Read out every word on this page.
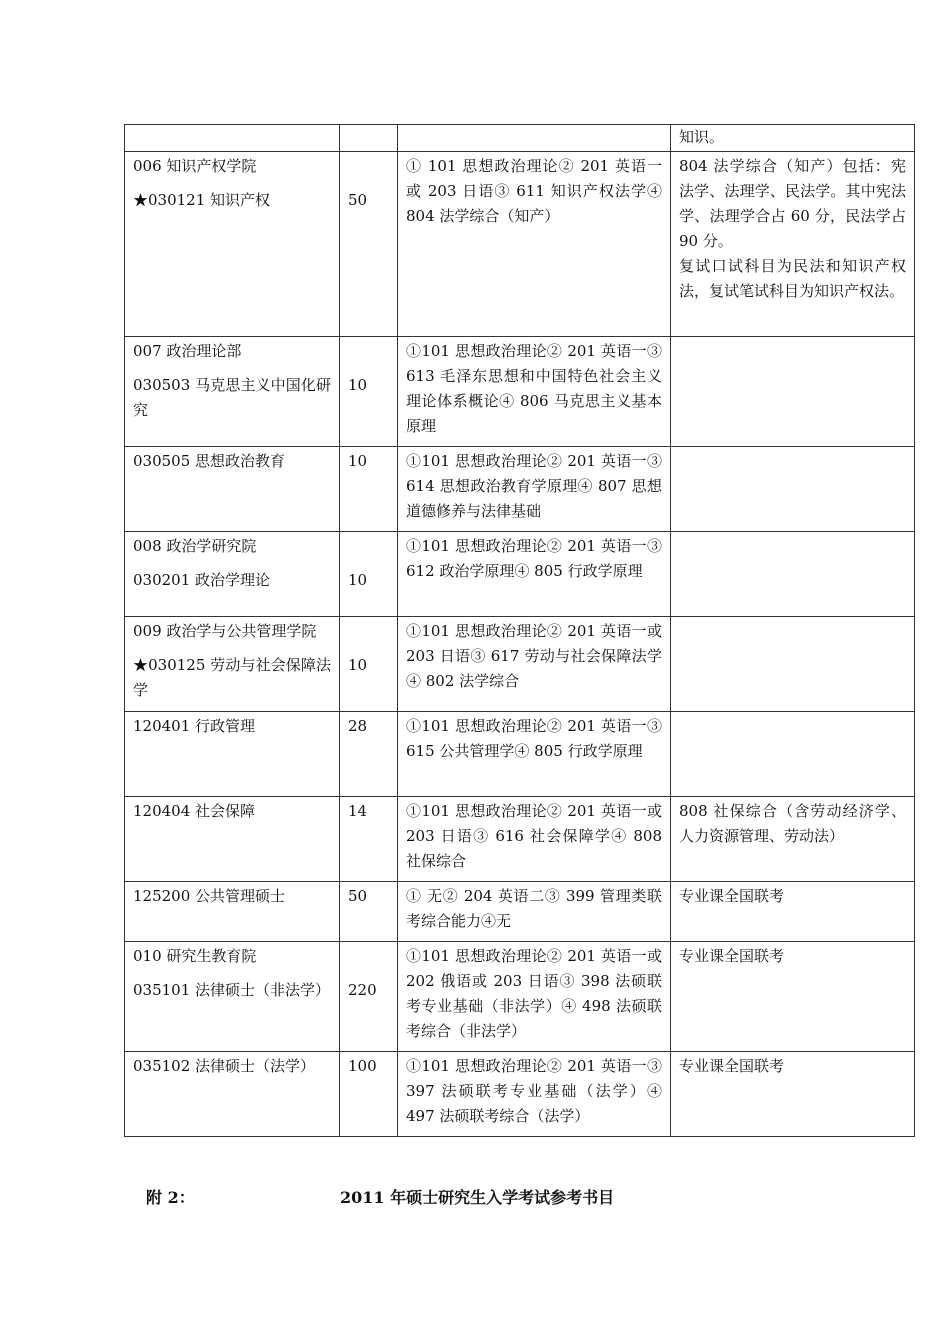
			知识。

006 知识产权学院
★030121 知识产权	50	① 101 思想政治理论② 201 英语一或 203 日语③ 611 知识产权法学④ 804 法学综合（知产）	804 法学综合（知产）包括：宪法学、法理学、民法学。其中宪法学、法理学合占 60 分，民法学占 90 分。
复试口试科目为民法和知识产权法，复试笔试科目为知识产权法。

007 政治理论部
030503 马克思主义中国化研究	10	①101 思想政治理论② 201 英语一③ 613 毛泽东思想和中国特色社会主义理论体系概论④ 806 马克思主义基本原理	
030505 思想政治教育	10	①101 思想政治理论② 201 英语一③ 614 思想政治教育学原理④ 807 思想道德修养与法律基础	

008 政治学研究院
030201 政治学理论	10	①101 思想政治理论② 201 英语一③ 612 政治学原理④ 805 行政学原理	

009 政治学与公共管理学院
★030125 劳动与社会保障法学	10	①101 思想政治理论② 201 英语一或 203 日语③ 617 劳动与社会保障法学④ 802 法学综合	
120401 行政管理	28	①101 思想政治理论② 201 英语一③ 615 公共管理学④ 805 行政学原理	
120404 社会保障	14	①101 思想政治理论② 201 英语一或 203 日语③ 616 社会保障学④ 808 社保综合	808 社保综合（含劳动经济学、人力资源管理、劳动法）
125200 公共管理硕士	50	① 无② 204 英语二③ 399 管理类联考综合能力④无	专业课全国联考

010 研究生教育院
035101 法律硕士（非法学）	220	①101 思想政治理论② 201 英语一或 202 俄语或 203 日语③ 398 法硕联考专业基础（非法学）④ 498 法硕联考综合（非法学）	专业课全国联考
035102 法律硕士（法学）	100	①101 思想政治理论② 201 英语一③ 397 法硕联考专业基础（法学）④ 497 法硕联考综合（法学）	专业课全国联考
附 2：	2011 年硕士研究生入学考试参考书目
